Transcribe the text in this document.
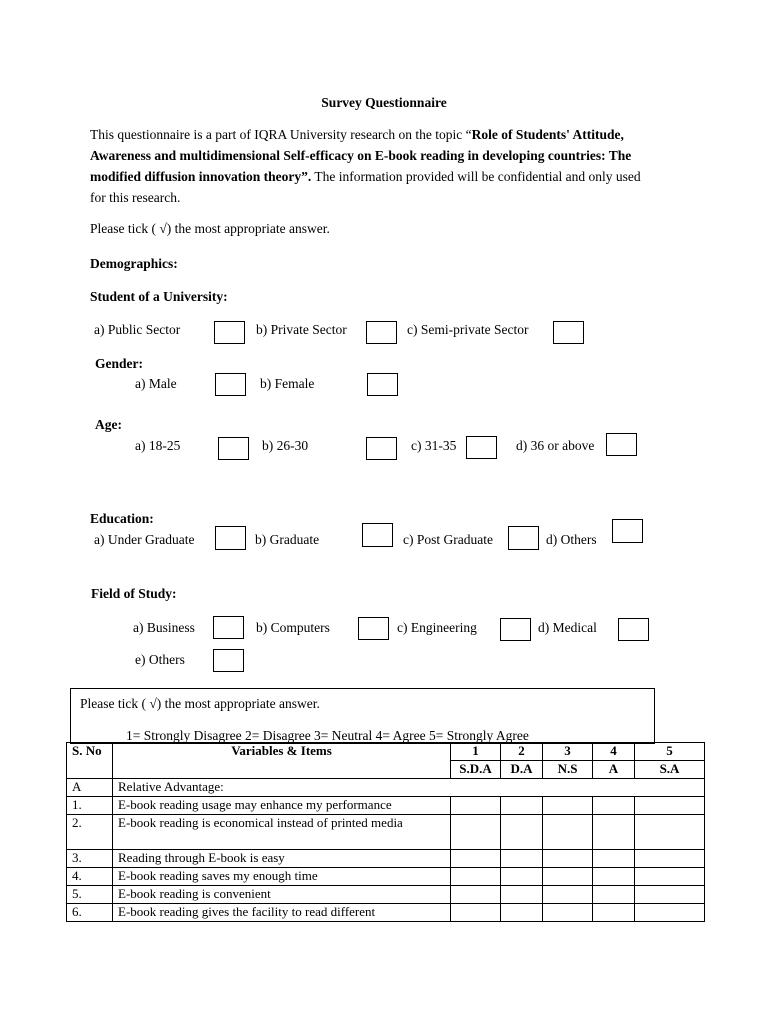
Survey Questionnaire
This questionnaire is a part of IQRA University research on the topic “Role of Students' Attitude, Awareness and multidimensional Self-efficacy on E-book reading in developing countries: The modified diffusion innovation theory”. The information provided will be confidential and only used for this research.
Please tick ( √) the most appropriate answer.
Demographics:
Student of a University:
a) Public Sector	b) Private Sector	c) Semi-private Sector
Gender:
a) Male	b) Female
Age:
a) 18-25	b) 26-30	c) 31-35	d) 36 or above
Education:
a) Under Graduate	b) Graduate	c) Post Graduate	d) Others
Field of Study:
a) Business	b) Computers	c) Engineering	d) Medical
e) Others
Please tick ( √) the most appropriate answer.
1= Strongly Disagree 2= Disagree 3= Neutral 4= Agree 5= Strongly Agree
S. No	Variables & Items	1	2	3	4	5
		S.D.A	D.A	N.S	A	S.A
A	Relative Advantage:					
1.	E-book reading usage may enhance my performance					
2.	E-book reading is economical instead of printed media					
3.	Reading through E-book is easy					
4.	E-book reading saves my enough time					
5.	E-book reading is convenient					
6.	E-book reading gives the facility to read different					
